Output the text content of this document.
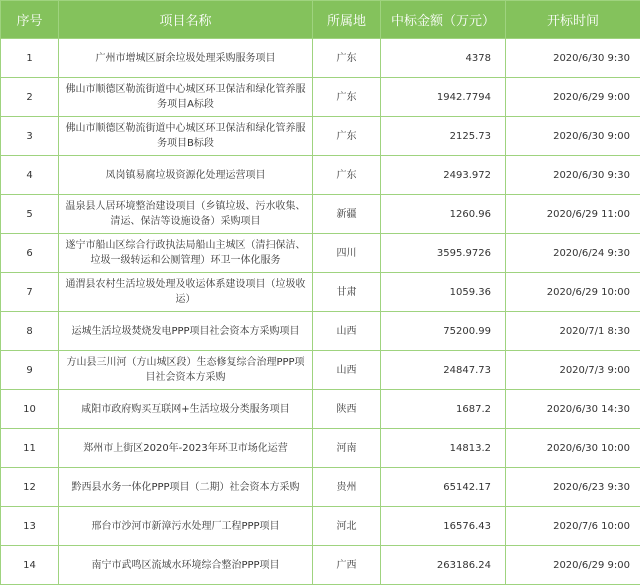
序号	项目名称	所属地	中标金额（万元）	开标时间
1	广州市增城区厨余垃圾处理采购服务项目	广东	4378	2020/6/30 9:30
2	佛山市顺德区勒流街道中心城区环卫保洁和绿化管养服务项目A标段	广东	1942.7794	2020/6/29 9:00
3	佛山市顺德区勒流街道中心城区环卫保洁和绿化管养服务项目B标段	广东	2125.73	2020/6/30 9:00
4	凤岗镇易腐垃圾资源化处理运营项目	广东	2493.972	2020/6/30 9:30
5	温泉县人居环境整治建设项目（乡镇垃圾、污水收集、清运、保洁等设施设备）采购项目	新疆	1260.96	2020/6/29 11:00
6	遂宁市船山区综合行政执法局船山主城区（清扫保洁、垃圾一级转运和公厕管理）环卫一体化服务	四川	3595.9726	2020/6/24 9:30
7	通渭县农村生活垃圾处理及收运体系建设项目（垃圾收运）	甘肃	1059.36	2020/6/29 10:00
8	运城生活垃圾焚烧发电PPP项目社会资本方采购项目	山西	75200.99	2020/7/1 8:30
9	方山县三川河（方山城区段）生态修复综合治理PPP项目社会资本方采购	山西	24847.73	2020/7/3 9:00
10	咸阳市政府购买互联网+生活垃圾分类服务项目	陕西	1687.2	2020/6/30 14:30
11	郑州市上街区2020年-2023年环卫市场化运营	河南	14813.2	2020/6/30 10:00
12	黔西县水务一体化PPP项目（二期）社会资本方采购	贵州	65142.17	2020/6/23 9:30
13	邢台市沙河市新漳污水处理厂工程PPP项目	河北	16576.43	2020/7/6 10:00
14	南宁市武鸣区流域水环境综合整治PPP项目	广西	263186.24	2020/6/29 9:00
